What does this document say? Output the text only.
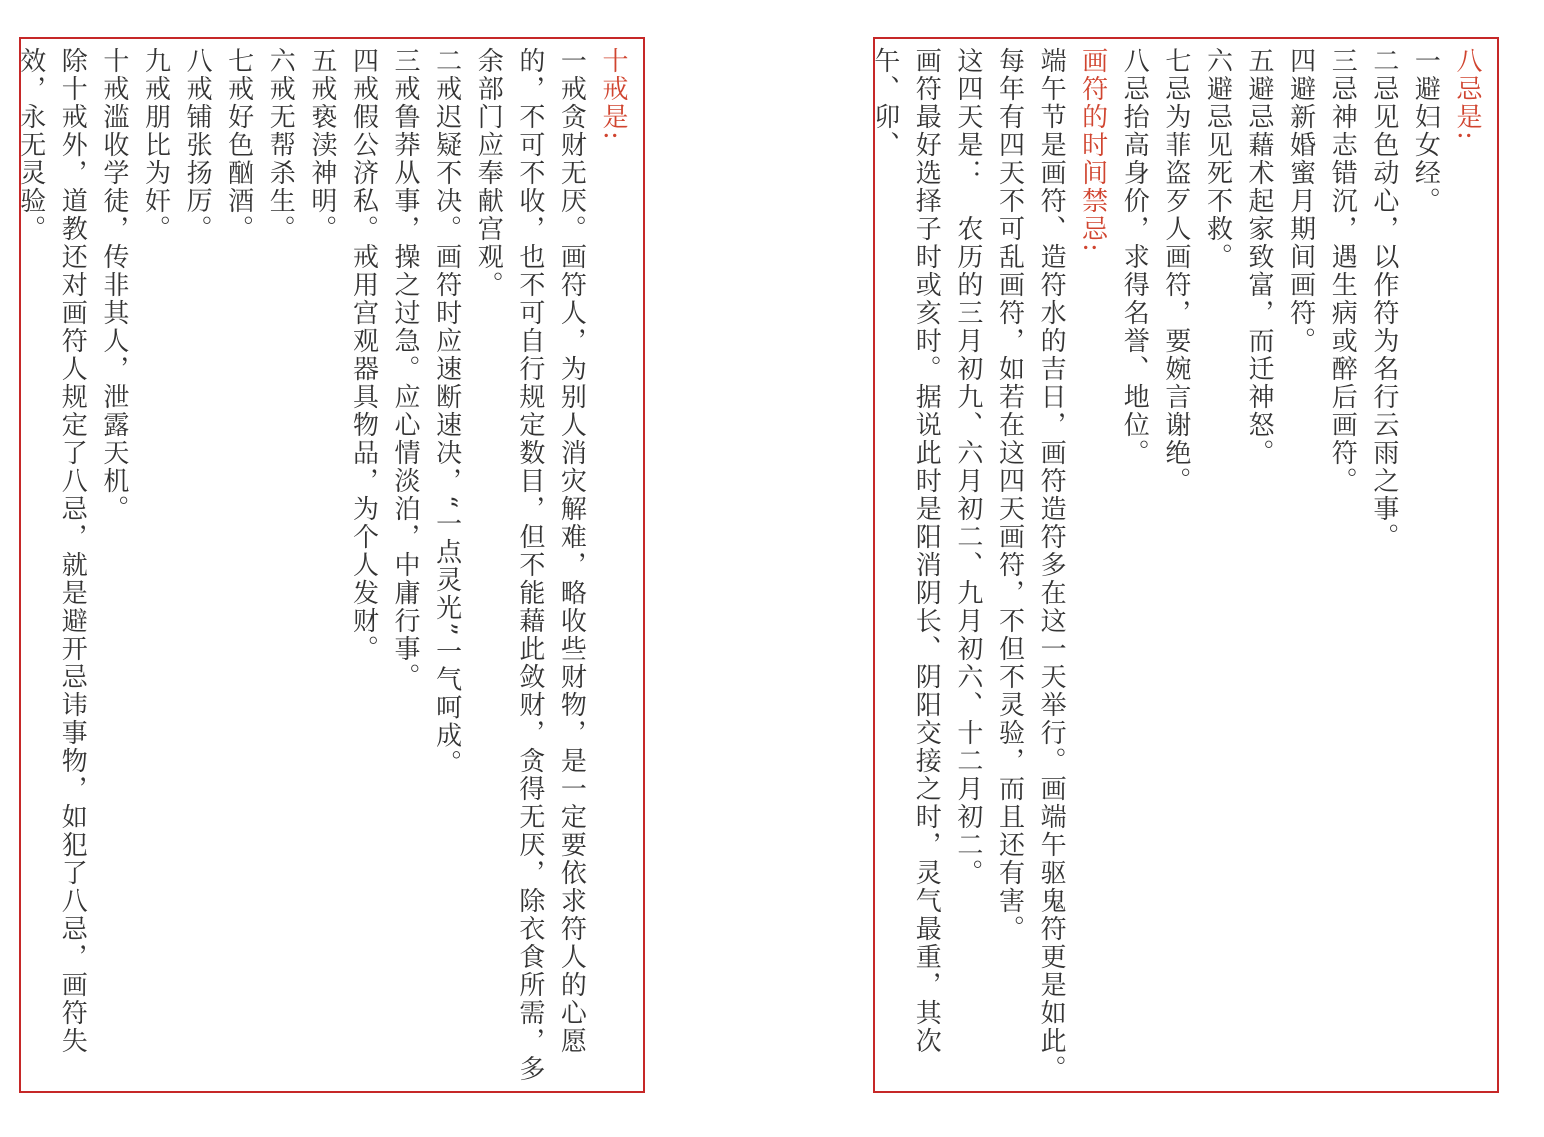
十戒是:

一戒贪财无厌。画符人，为别人消灾解难，略收些财物，是一定要依求符人的心愿的，不可不收，也不可自行规定数目，但不能藉此敛财，贪得无厌，除衣食所需，多余部门应奉献宫观。

二戒迟疑不决。画符时应速断速决，“一点灵光”一气呵成。

三戒鲁莽从事，操之过急。应心情淡泊，中庸行事。

四戒假公济私。戒用宫观器具物品，为个人发财。

五戒亵渎神明。

六戒无帮杀生。

七戒好色酗酒。

八戒铺张扬厉。

九戒朋比为奸。

十戒滥收学徒，传非其人，泄露天机。

除十戒外，道教还对画符人规定了八忌，就是避开忌讳事物，如犯了八忌，画符失效，永无灵验。	八忌是:

一避妇女经。

二忌见色动心，以作符为名行云雨之事。

三忌神志错沉，遇生病或醉后画符。

四避新婚蜜月期间画符。

五避忌藉术起家致富，而迁神怒。

六避忌见死不救。

七忌为菲盗歹人画符，要婉言谢绝。

八忌抬高身价，求得名誉、地位。

画符的时间禁忌:

端午节是画符、造符水的吉日，画符造符多在这一天举行。画端午驱鬼符更是如此。

每年有四天不可乱画符，如若在这四天画符，不但不灵验，而且还有害。

这四天是：　农历的三月初九、六月初二、九月初六、十二月初二。

画符最好选择子时或亥时。据说此时是阳消阴长、阴阳交接之时，灵气最重，其次午、卯、
